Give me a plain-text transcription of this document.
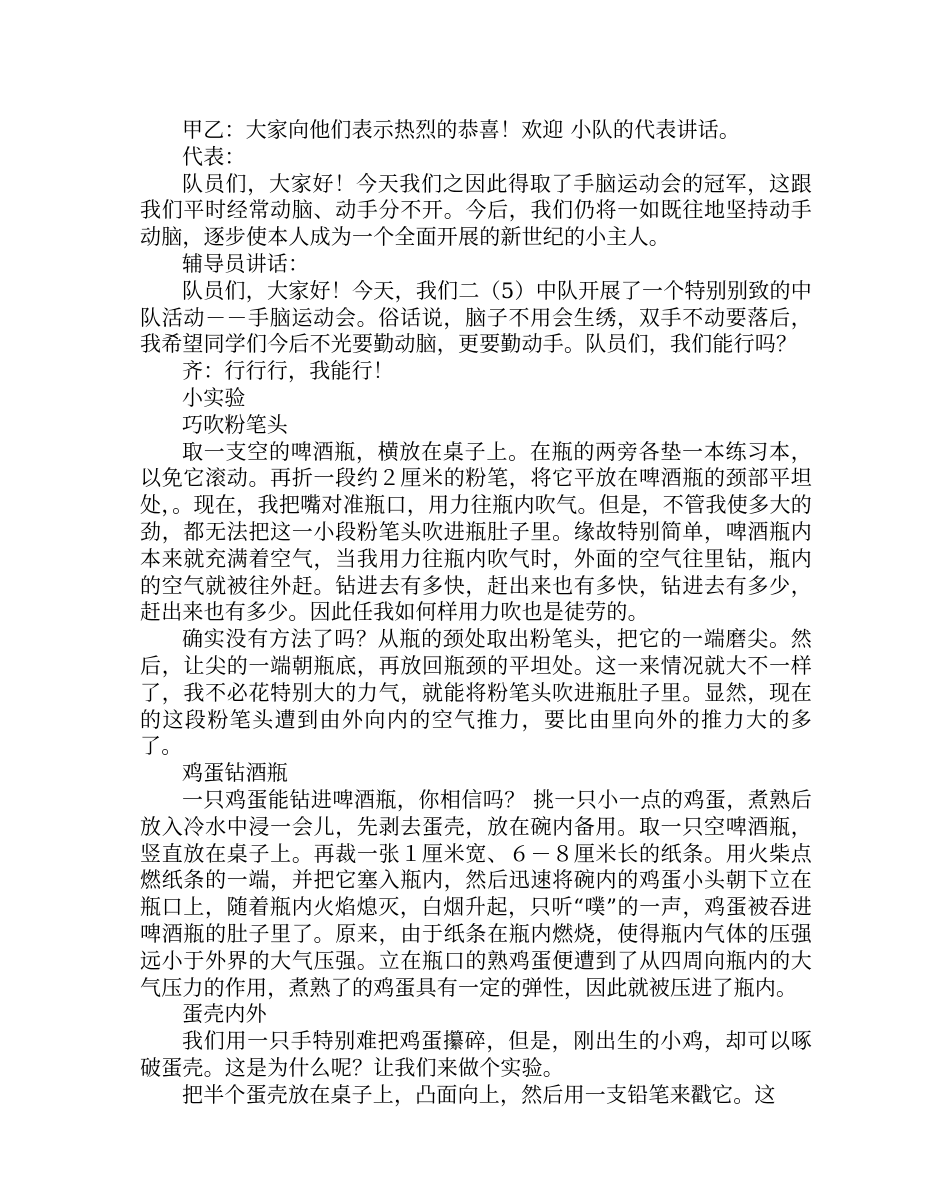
甲乙：大家向他们表示热烈的恭喜！欢迎 小队的代表讲话。

代表：

队员们，大家好！今天我们之因此得取了手脑运动会的冠军，这跟我们平时经常动脑、动手分不开。今后，我们仍将一如既往地坚持动手动脑，逐步使本人成为一个全面开展的新世纪的小主人。

辅导员讲话：

队员们，大家好！今天，我们二（5）中队开展了一个特别别致的中队活动－－手脑运动会。俗话说，脑子不用会生绣，双手不动要落后，我希望同学们今后不光要勤动脑，更要勤动手。队员们，我们能行吗？

齐：行行行，我能行！

小实验

巧吹粉笔头

取一支空的啤酒瓶，横放在桌子上。在瓶的两旁各垫一本练习本，以免它滚动。再折一段约２厘米的粉笔，将它平放在啤酒瓶的颈部平坦处，。现在，我把嘴对准瓶口，用力往瓶内吹气。但是，不管我使多大的劲，都无法把这一小段粉笔头吹进瓶肚子里。缘故特别简单，啤酒瓶内本来就充满着空气，当我用力往瓶内吹气时，外面的空气往里钻，瓶内的空气就被往外赶。钻进去有多快，赶出来也有多快，钻进去有多少，赶出来也有多少。因此任我如何样用力吹也是徒劳的。

确实没有方法了吗？从瓶的颈处取出粉笔头，把它的一端磨尖。然后，让尖的一端朝瓶底，再放回瓶颈的平坦处。这一来情况就大不一样了，我不必花特别大的力气，就能将粉笔头吹进瓶肚子里。显然，现在的这段粉笔头遭到由外向内的空气推力，要比由里向外的推力大的多了。

鸡蛋钻酒瓶

一只鸡蛋能钻进啤酒瓶，你相信吗？ 挑一只小一点的鸡蛋，煮熟后放入冷水中浸一会儿，先剥去蛋壳，放在碗内备用。取一只空啤酒瓶，竖直放在桌子上。再裁一张１厘米宽、６－８厘米长的纸条。用火柴点燃纸条的一端，并把它塞入瓶内，然后迅速将碗内的鸡蛋小头朝下立在瓶口上，随着瓶内火焰熄灭，白烟升起，只听“噗”的一声，鸡蛋被吞进啤酒瓶的肚子里了。原来，由于纸条在瓶内燃烧，使得瓶内气体的压强远小于外界的大气压强。立在瓶口的熟鸡蛋便遭到了从四周向瓶内的大气压力的作用，煮熟了的鸡蛋具有一定的弹性，因此就被压进了瓶内。

蛋壳内外

我们用一只手特别难把鸡蛋攥碎，但是，刚出生的小鸡，却可以啄破蛋壳。这是为什么呢？让我们来做个实验。

把半个蛋壳放在桌子上，凸面向上，然后用一支铅笔来戳它。这
